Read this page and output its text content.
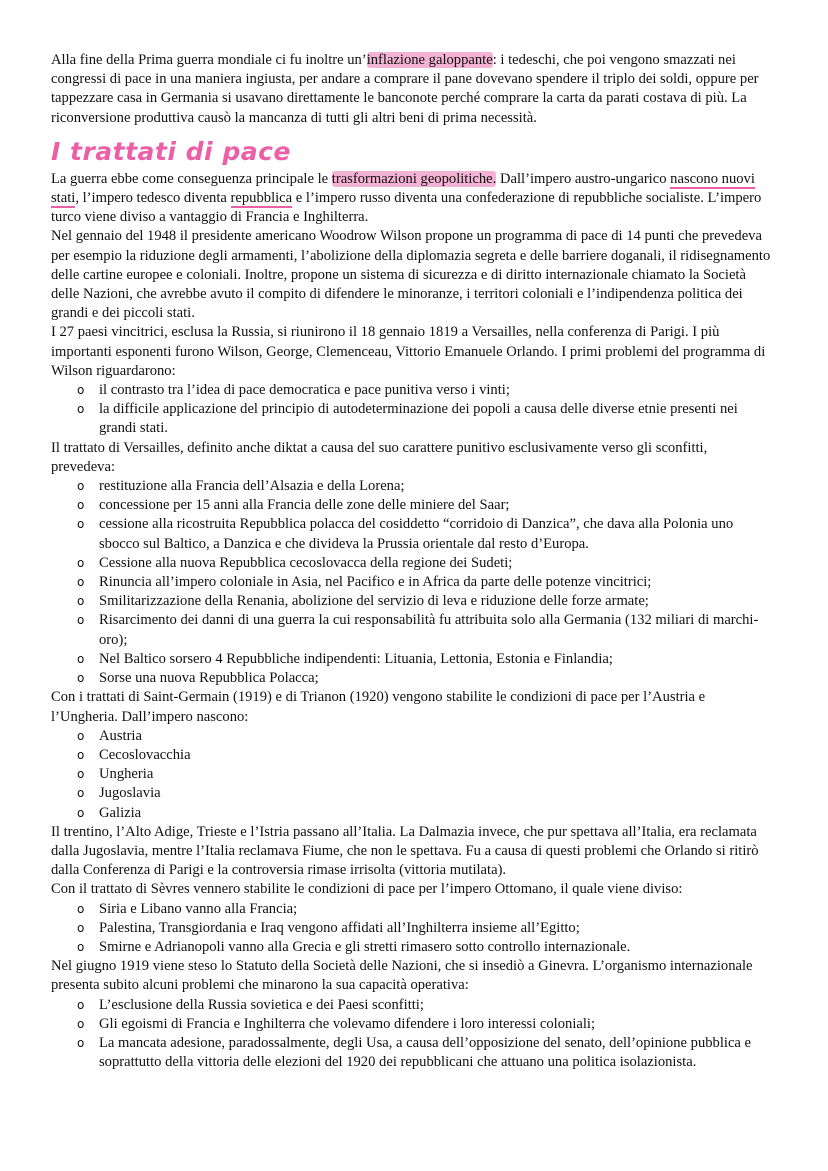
Alla fine della Prima guerra mondiale ci fu inoltre un’inflazione galoppante: i tedeschi, che poi vengono smazzati nei congressi di pace in una maniera ingiusta, per andare a comprare il pane dovevano spendere il triplo dei soldi, oppure per tappezzare casa in Germania si usavano direttamente le banconote perché comprare la carta da parati costava di più. La riconversione produttiva causò la mancanza di tutti gli altri beni di prima necessità.

I trattati di pace

La guerra ebbe come conseguenza principale le trasformazioni geopolitiche. Dall’impero austro-ungarico nascono nuovi stati, l’impero tedesco diventa repubblica e l’impero russo diventa una confederazione di repubbliche socialiste. L’impero turco viene diviso a vantaggio di Francia e Inghilterra.

Nel gennaio del 1948 il presidente americano Woodrow Wilson propone un programma di pace di 14 punti che prevedeva per esempio la riduzione degli armamenti, l’abolizione della diplomazia segreta e delle barriere doganali, il ridisegnamento delle cartine europee e coloniali. Inoltre, propone un sistema di sicurezza e di diritto internazionale chiamato la Società delle Nazioni, che avrebbe avuto il compito di difendere le minoranze, i territori coloniali e l’indipendenza politica dei grandi e dei piccoli stati.

I 27 paesi vincitrici, esclusa la Russia, si riunirono il 18 gennaio 1819 a Versailles, nella conferenza di Parigi. I più importanti esponenti furono Wilson, George, Clemenceau, Vittorio Emanuele Orlando. I primi problemi del programma di Wilson riguardarono:

o il contrasto tra l’idea di pace democratica e pace punitiva verso i vinti;
o la difficile applicazione del principio di autodeterminazione dei popoli a causa delle diverse etnie presenti nei grandi stati.

Il trattato di Versailles, definito anche diktat a causa del suo carattere punitivo esclusivamente verso gli sconfitti, prevedeva:

o restituzione alla Francia dell’Alsazia e della Lorena;
o concessione per 15 anni alla Francia delle zone delle miniere del Saar;
o cessione alla ricostruita Repubblica polacca del cosiddetto “corridoio di Danzica”, che dava alla Polonia uno sbocco sul Baltico, a Danzica e che divideva la Prussia orientale dal resto d’Europa.
o Cessione alla nuova Repubblica cecoslovacca della regione dei Sudeti;
o Rinuncia all’impero coloniale in Asia, nel Pacifico e in Africa da parte delle potenze vincitrici;
o Smilitarizzazione della Renania, abolizione del servizio di leva e riduzione delle forze armate;
o Risarcimento dei danni di una guerra la cui responsabilità fu attribuita solo alla Germania (132 miliari di marchi-oro);
o Nel Baltico sorsero 4 Repubbliche indipendenti: Lituania, Lettonia, Estonia e Finlandia;
o Sorse una nuova Repubblica Polacca;

Con i trattati di Saint-Germain (1919) e di Trianon (1920) vengono stabilite le condizioni di pace per l’Austria e l’Ungheria. Dall’impero nascono:

o Austria
o Cecoslovacchia
o Ungheria
o Jugoslavia
o Galizia

Il trentino, l’Alto Adige, Trieste e l’Istria passano all’Italia. La Dalmazia invece, che pur spettava all’Italia, era reclamata dalla Jugoslavia, mentre l’Italia reclamava Fiume, che non le spettava. Fu a causa di questi problemi che Orlando si ritirò dalla Conferenza di Parigi e la controversia rimase irrisolta (vittoria mutilata).

Con il trattato di Sèvres vennero stabilite le condizioni di pace per l’impero Ottomano, il quale viene diviso:

o Siria e Libano vanno alla Francia;
o Palestina, Transgiordania e Iraq vengono affidati all’Inghilterra insieme all’Egitto;
o Smirne e Adrianopoli vanno alla Grecia e gli stretti rimasero sotto controllo internazionale.

Nel giugno 1919 viene steso lo Statuto della Società delle Nazioni, che si insediò a Ginevra. L’organismo internazionale presenta subito alcuni problemi che minarono la sua capacità operativa:

o L’esclusione della Russia sovietica e dei Paesi sconfitti;
o Gli egoismi di Francia e Inghilterra che volevamo difendere i loro interessi coloniali;
o La mancata adesione, paradossalmente, degli Usa, a causa dell’opposizione del senato, dell’opinione pubblica e soprattutto della vittoria delle elezioni del 1920 dei repubblicani che attuano una politica isolazionista.
